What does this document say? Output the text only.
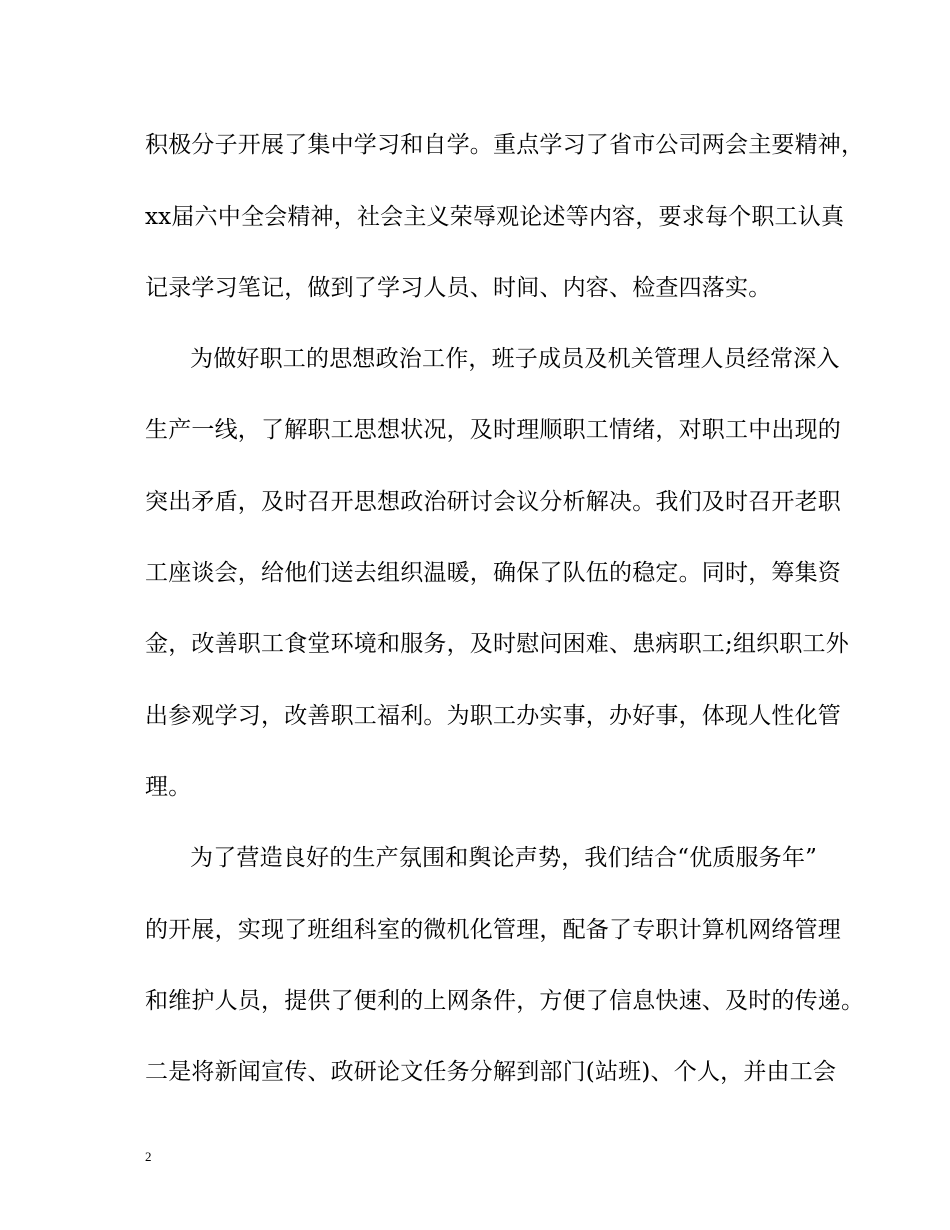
积极分子开展了集中学习和自学。重点学习了省市公司两会主要精神，
xx届六中全会精神，社会主义荣辱观论述等内容，要求每个职工认真
记录学习笔记，做到了学习人员、时间、内容、检查四落实。
为做好职工的思想政治工作，班子成员及机关管理人员经常深入
生产一线，了解职工思想状况，及时理顺职工情绪，对职工中出现的
突出矛盾，及时召开思想政治研讨会议分析解决。我们及时召开老职
工座谈会，给他们送去组织温暖，确保了队伍的稳定。同时，筹集资
金，改善职工食堂环境和服务，及时慰问困难、患病职工;组织职工外
出参观学习，改善职工福利。为职工办实事，办好事，体现人性化管
理。
为了营造良好的生产氛围和舆论声势，我们结合“优质服务年”
的开展，实现了班组科室的微机化管理，配备了专职计算机网络管理
和维护人员，提供了便利的上网条件，方便了信息快速、及时的传递。
二是将新闻宣传、政研论文任务分解到部门(站班)、个人，并由工会
2
